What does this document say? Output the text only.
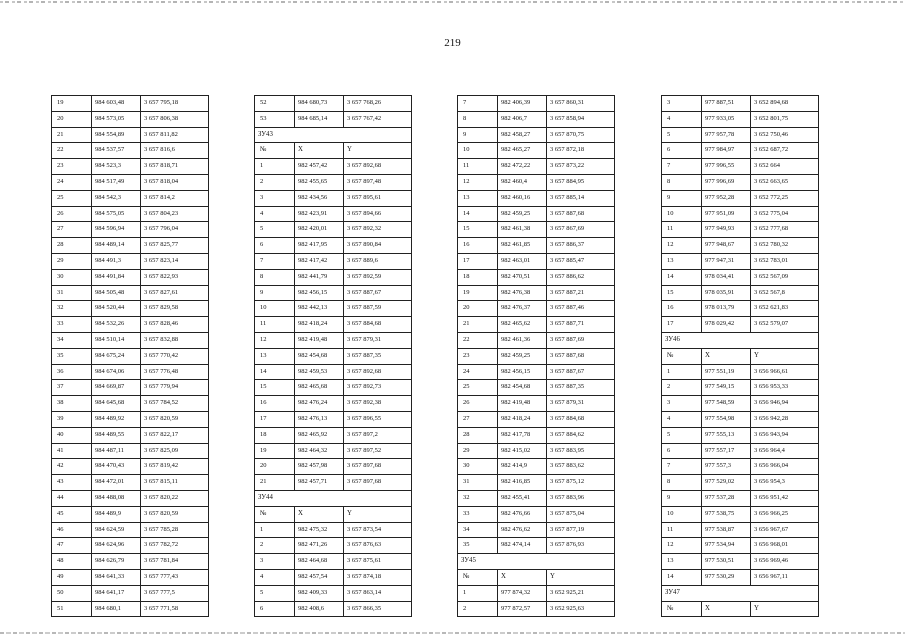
219
19	984 603,48	3 657 795,18
20	984 573,05	3 657 806,38
21	984 554,89	3 657 811,82
22	984 537,57	3 657 816,6
23	984 523,3	3 657 818,71
24	984 517,49	3 657 818,04
25	984 542,3	3 657 814,2
26	984 575,05	3 657 804,23
27	984 596,94	3 657 796,04
28	984 489,14	3 657 825,77
29	984 491,3	3 657 823,14
30	984 491,84	3 657 822,93
31	984 505,48	3 657 827,61
32	984 520,44	3 657 829,58
33	984 532,26	3 657 828,46
34	984 510,14	3 657 832,88
35	984 675,24	3 657 770,42
36	984 674,06	3 657 776,48
37	984 669,87	3 657 779,94
38	984 645,68	3 657 784,52
39	984 489,92	3 657 820,59
40	984 489,55	3 657 822,17
41	984 487,11	3 657 825,09
42	984 470,43	3 657 819,42
43	984 472,01	3 657 815,11
44	984 488,08	3 657 820,22
45	984 489,9	3 657 820,59
46	984 624,59	3 657 785,28
47	984 624,96	3 657 782,72
48	984 626,79	3 657 781,84
49	984 641,33	3 657 777,43
50	984 641,17	3 657 777,5
51	984 680,1	3 657 771,58
52	984 680,73	3 657 768,26
53	984 685,14	3 657 767,42
ЗУ43		
№	X	Y
1	982 457,42	3 657 892,68
2	982 455,65	3 657 897,48
3	982 434,56	3 657 895,61
4	982 423,91	3 657 894,66
5	982 420,01	3 657 892,32
6	982 417,95	3 657 890,84
7	982 417,42	3 657 889,6
8	982 441,79	3 657 892,59
9	982 456,15	3 657 887,67
10	982 442,13	3 657 887,59
11	982 418,24	3 657 884,68
12	982 419,48	3 657 879,31
13	982 454,68	3 657 887,35
14	982 459,53	3 657 892,68
15	982 465,68	3 657 892,73
16	982 476,24	3 657 892,38
17	982 476,13	3 657 896,55
18	982 465,92	3 657 897,2
19	982 464,32	3 657 897,52
20	982 457,98	3 657 897,68
21	982 457,71	3 657 897,68
ЗУ44		
№	X	Y
1	982 475,32	3 657 873,54
2	982 471,26	3 657 876,63
3	982 464,68	3 657 875,61
4	982 457,54	3 657 874,18
5	982 409,33	3 657 863,14
6	982 408,6	3 657 866,35
7	982 406,39	3 657 860,31
8	982 406,7	3 657 858,94
9	982 458,27	3 657 870,75
10	982 465,27	3 657 872,18
11	982 472,22	3 657 873,22
12	982 460,4	3 657 884,95
13	982 460,16	3 657 885,14
14	982 459,25	3 657 887,68
15	982 461,38	3 657 867,69
16	982 461,85	3 657 886,37
17	982 463,01	3 657 885,47
18	982 470,51	3 657 886,62
19	982 476,38	3 657 887,21
20	982 476,37	3 657 887,46
21	982 465,62	3 657 887,71
22	982 461,36	3 657 887,69
23	982 459,25	3 657 887,68
24	982 456,15	3 657 887,67
25	982 454,68	3 657 887,35
26	982 419,48	3 657 879,31
27	982 418,24	3 657 884,68
28	982 417,78	3 657 884,62
29	982 415,02	3 657 883,95
30	982 414,9	3 657 883,62
31	982 416,85	3 657 875,12
32	982 455,41	3 657 883,96
33	982 476,66	3 657 875,04
34	982 476,62	3 657 877,19
35	982 474,14	3 657 876,93
ЗУ45		
№	X	Y
1	977 874,32	3 652 925,21
2	977 872,57	3 652 925,63
3	977 887,51	3 652 894,68
4	977 933,05	3 652 801,75
5	977 957,78	3 652 750,46
6	977 984,97	3 652 687,72
7	977 996,55	3 652 664
8	977 996,69	3 652 663,65
9	977 952,28	3 652 772,25
10	977 951,09	3 652 775,04
11	977 949,93	3 652 777,68
12	977 948,67	3 652 780,32
13	977 947,31	3 652 783,01
14	978 034,41	3 652 567,09
15	978 035,91	3 652 567,8
16	978 013,79	3 652 621,83
17	978 029,42	3 652 579,07
ЗУ46		
№	X	Y
1	977 551,19	3 656 966,61
2	977 549,15	3 656 953,33
3	977 548,59	3 656 946,94
4	977 554,98	3 656 942,28
5	977 555,13	3 656 943,94
6	977 557,17	3 656 964,4
7	977 557,3	3 656 966,04
8	977 529,02	3 656 954,3
9	977 537,28	3 656 951,42
10	977 538,75	3 656 966,25
11	977 538,87	3 656 967,67
12	977 534,94	3 656 968,01
13	977 530,51	3 656 969,46
14	977 530,29	3 656 967,11
ЗУ47		
№	X	Y
